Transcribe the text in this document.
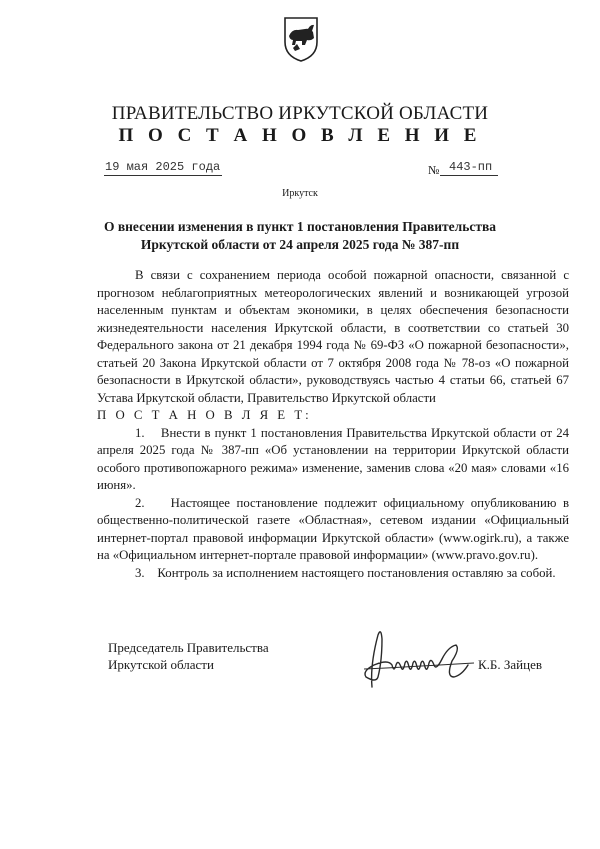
ПРАВИТЕЛЬСТВО ИРКУТСКОЙ ОБЛАСТИ
П О С Т А Н О В Л Е Н И Е
19 мая 2025 года	№ 443-пп
Иркутск
О внесении изменения в пункт 1 постановления Правительства
Иркутской области от 24 апреля 2025 года № 387-пп

В связи с сохранением периода особой пожарной опасности, связанной с прогнозом неблагоприятных метеорологических явлений и возникающей угрозой населенным пунктам и объектам экономики, в целях обеспечения безопасности жизнедеятельности населения Иркутской области, в соответствии со статьей 30 Федерального закона от 21 декабря 1994 года № 69-ФЗ «О пожарной безопасности», статьей 20 Закона Иркутской области от 7 октября 2008 года № 78-оз «О пожарной безопасности в Иркутской области», руководствуясь частью 4 статьи 66, статьей 67 Устава Иркутской области, Правительство Иркутской области

П О С Т А Н О В Л Я Е Т:

1.    Внести в пункт 1 постановления Правительства Иркутской области от 24 апреля 2025 года № 387-пп «Об установлении на территории Иркутской области особого противопожарного режима» изменение, заменив слова «20 мая» словами «16 июня».

2.    Настоящее постановление подлежит официальному опубликованию в общественно-политической газете «Областная», сетевом издании «Официальный интернет-портал правовой информации Иркутской области» (www.ogirk.ru), а также на «Официальном интернет-портале правовой информации» (www.pravo.gov.ru).

3.    Контроль за исполнением настоящего постановления оставляю за собой.

Председатель Правительства
Иркутской области	К.Б. Зайцев
